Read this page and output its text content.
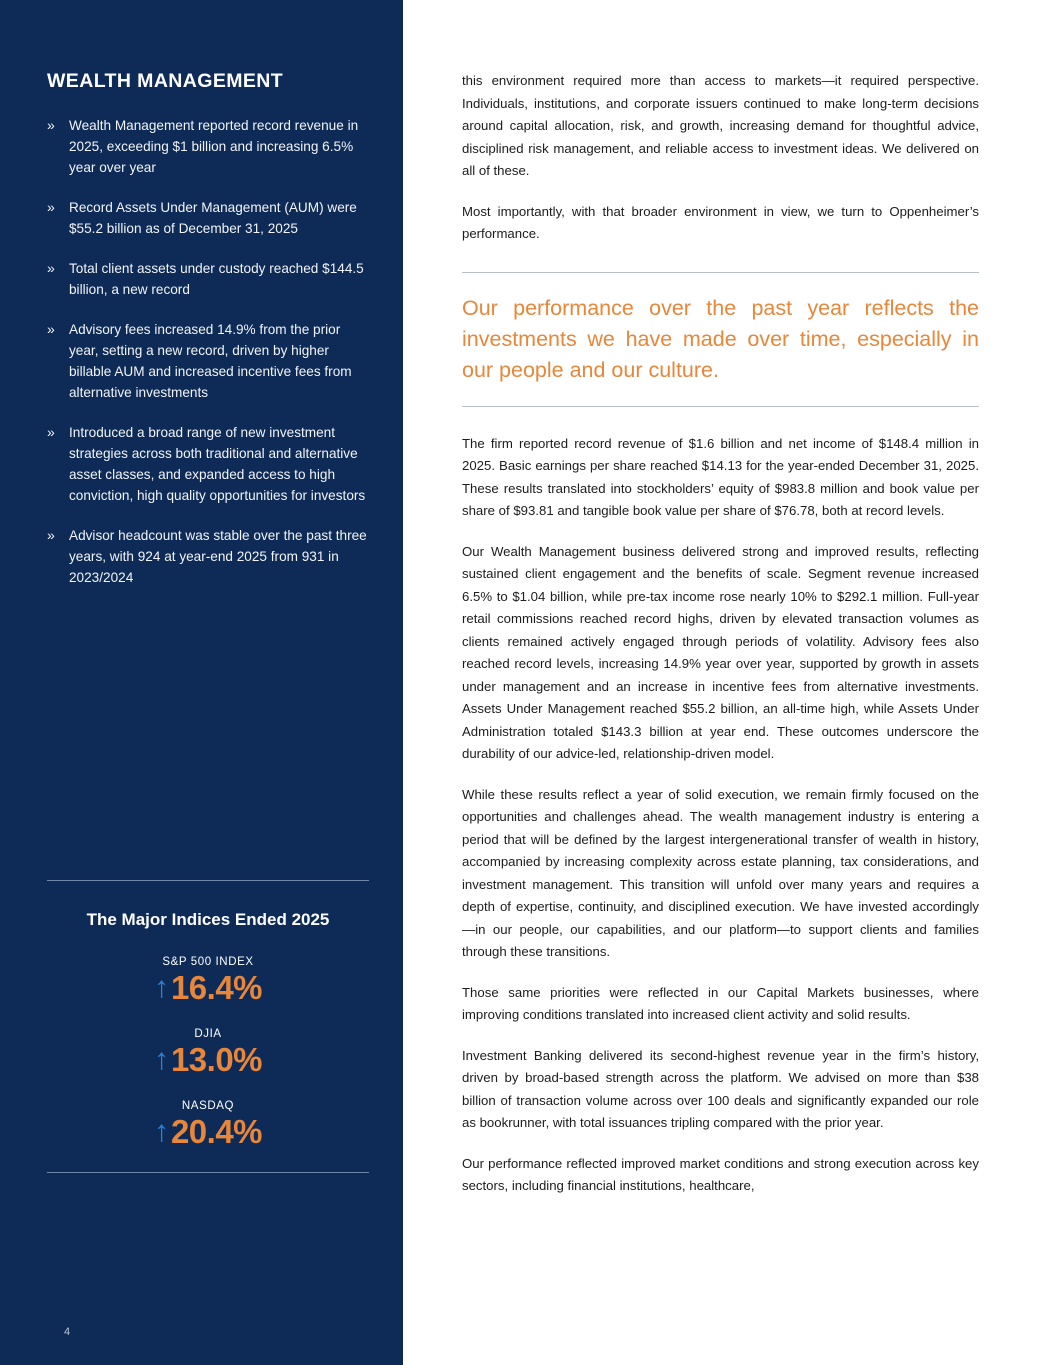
WEALTH MANAGEMENT
»	Wealth Management reported record revenue in 2025, exceeding $1 billion and increasing 6.5% year over year
»	Record Assets Under Management (AUM) were $55.2 billion as of December 31, 2025
»	Total client assets under custody reached $144.5 billion, a new record
»	Advisory fees increased 14.9% from the prior year, setting a new record, driven by higher billable AUM and increased incentive fees from alternative investments
»	Introduced a broad range of new investment strategies across both traditional and alternative asset classes, and expanded access to high conviction, high quality opportunities for investors
»	Advisor headcount was stable over the past three years, with 924 at year-end 2025 from 931 in 2023/2024
4
The Major Indices Ended 2025
S&P 500 INDEX
↑ 16.4%
DJIA
↑ 13.0%
NASDAQ
↑ 20.4%

this environment required more than access to markets—it required perspective. Individuals, institutions, and corporate issuers continued to make long-term decisions around capital allocation, risk, and growth, increasing demand for thoughtful advice, disciplined risk management, and reliable access to investment ideas. We delivered on all of these.

Most importantly, with that broader environment in view, we turn to Oppenheimer’s performance.

Our performance over the past year reflects the investments we have made over time, especially in our people and our culture.

The firm reported record revenue of $1.6 billion and net income of $148.4 million in 2025. Basic earnings per share reached $14.13 for the year-ended December 31, 2025. These results translated into stockholders’ equity of $983.8 million and book value per share of $93.81 and tangible book value per share of $76.78, both at record levels.

Our Wealth Management business delivered strong and improved results, reflecting sustained client engagement and the benefits of scale. Segment revenue increased 6.5% to $1.04 billion, while pre-tax income rose nearly 10% to $292.1 million. Full-year retail commissions reached record highs, driven by elevated transaction volumes as clients remained actively engaged through periods of volatility. Advisory fees also reached record levels, increasing 14.9% year over year, supported by growth in assets under management and an increase in incentive fees from alternative investments. Assets Under Management reached $55.2 billion, an all-time high, while Assets Under Administration totaled $143.3 billion at year end. These outcomes underscore the durability of our advice-led, relationship-driven model.

While these results reflect a year of solid execution, we remain firmly focused on the opportunities and challenges ahead. The wealth management industry is entering a period that will be defined by the largest intergenerational transfer of wealth in history, accompanied by increasing complexity across estate planning, tax considerations, and investment management. This transition will unfold over many years and requires a depth of expertise, continuity, and disciplined execution. We have invested accordingly—in our people, our capabilities, and our platform—to support clients and families through these transitions.

Those same priorities were reflected in our Capital Markets businesses, where improving conditions translated into increased client activity and solid results.

Investment Banking delivered its second-highest revenue year in the firm’s history, driven by broad-based strength across the platform. We advised on more than $38 billion of transaction volume across over 100 deals and significantly expanded our role as bookrunner, with total issuances tripling compared with the prior year.

Our performance reflected improved market conditions and strong execution across key sectors, including financial institutions, healthcare,
